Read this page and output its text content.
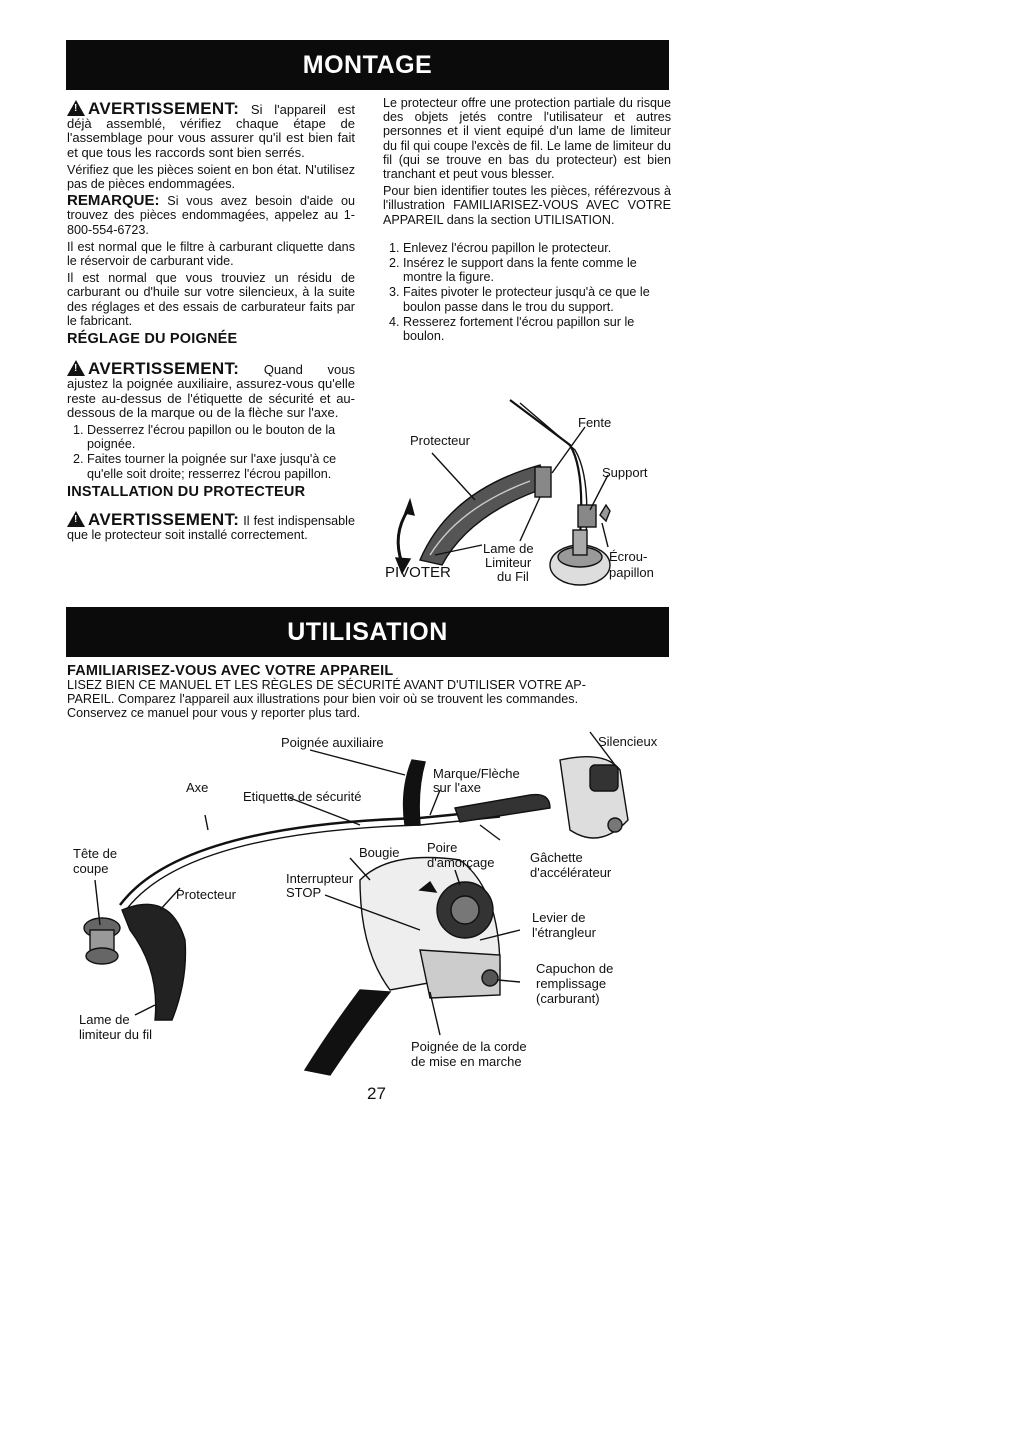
MONTAGE

!AVERTISSEMENT: Si l'appareil est déjà assemblé, vérifiez chaque étape de l'assemblage pour vous assurer qu'il est bien fait et que tous les raccords sont bien serrés.

Vérifiez que les pièces soient en bon état. N'utilisez pas de pièces endommagées.

REMARQUE: Si vous avez besoin d'aide ou trouvez des pièces endommagées, appelez au 1-800-554-6723.

Il est normal que le filtre à carburant cliquette dans le réservoir de carburant vide.

Il est normal que vous trouviez un résidu de carburant ou d'huile sur votre silencieux, à la suite des réglages et des essais de carburateur faits par le fabricant.

RÉGLAGE DU POIGNÉE

!AVERTISSEMENT: Quand vous ajustez la poignée auxiliaire, assurez-vous qu'elle reste au-dessus de l'étiquette de sécurité et au-dessous de la marque ou de la flèche sur l'axe.

1. Desserrez l'écrou papillon ou le bouton de la poignée.
2. Faites tourner la poignée sur l'axe jusqu'à ce qu'elle soit droite; resserrez l'écrou papillon.
INSTALLATION DU PROTECTEUR

!AVERTISSEMENT: Il fest indispensable que le protecteur soit installé correctement.

Le protecteur offre une protection partiale du risque des objets jetés contre l'utilisateur et autres personnes et il vient equipé d'un lame de limiteur du fil qui coupe l'excès de fil. Le lame de limiteur du fil (qui se trouve en bas du protecteur) est bien tranchant et peut vous blesser.

Pour bien identifier toutes les pièces, référezvous à l'illustration FAMILIARISEZ-VOUS AVEC VOTRE APPAREIL dans la section UTILISATION.

1. Enlevez l'écrou papillon le protecteur.
2. Insérez le support dans la fente comme le montre la figure.
3. Faites pivoter le protecteur jusqu'à ce que le boulon passe dans le trou du support.
4. Resserez fortement l'écrou papillon sur le boulon.
Fente
Protecteur
Support
Lame de
Limiteur
du Fil
PIVOTER
Écrou-
papillon
UTILISATION
FAMILIARISEZ-VOUS AVEC VOTRE APPAREIL
LISEZ BIEN CE MANUEL ET LES RÈGLES DE SÉCURITÉ AVANT D'UTILISER VOTRE AP-
PAREIL. Comparez l'appareil aux illustrations pour bien voir où se trouvent les commandes.
Conservez ce manuel pour vous y reporter plus tard.
Poignée auxiliaire	Silencieux
Marque/Flèche
sur l'axe
Axe
Etiquette de sécurité
Tête de
coupe
Bougie Poire
d'amorçage	Gâchette
d'accélérateur
Interrupteur
STOP
Protecteur
Levier de
l'étrangleur
Capuchon de
remplissage
(carburant)
Lame de
limiteur du fil
Poignée de la corde
de mise en marche
27
